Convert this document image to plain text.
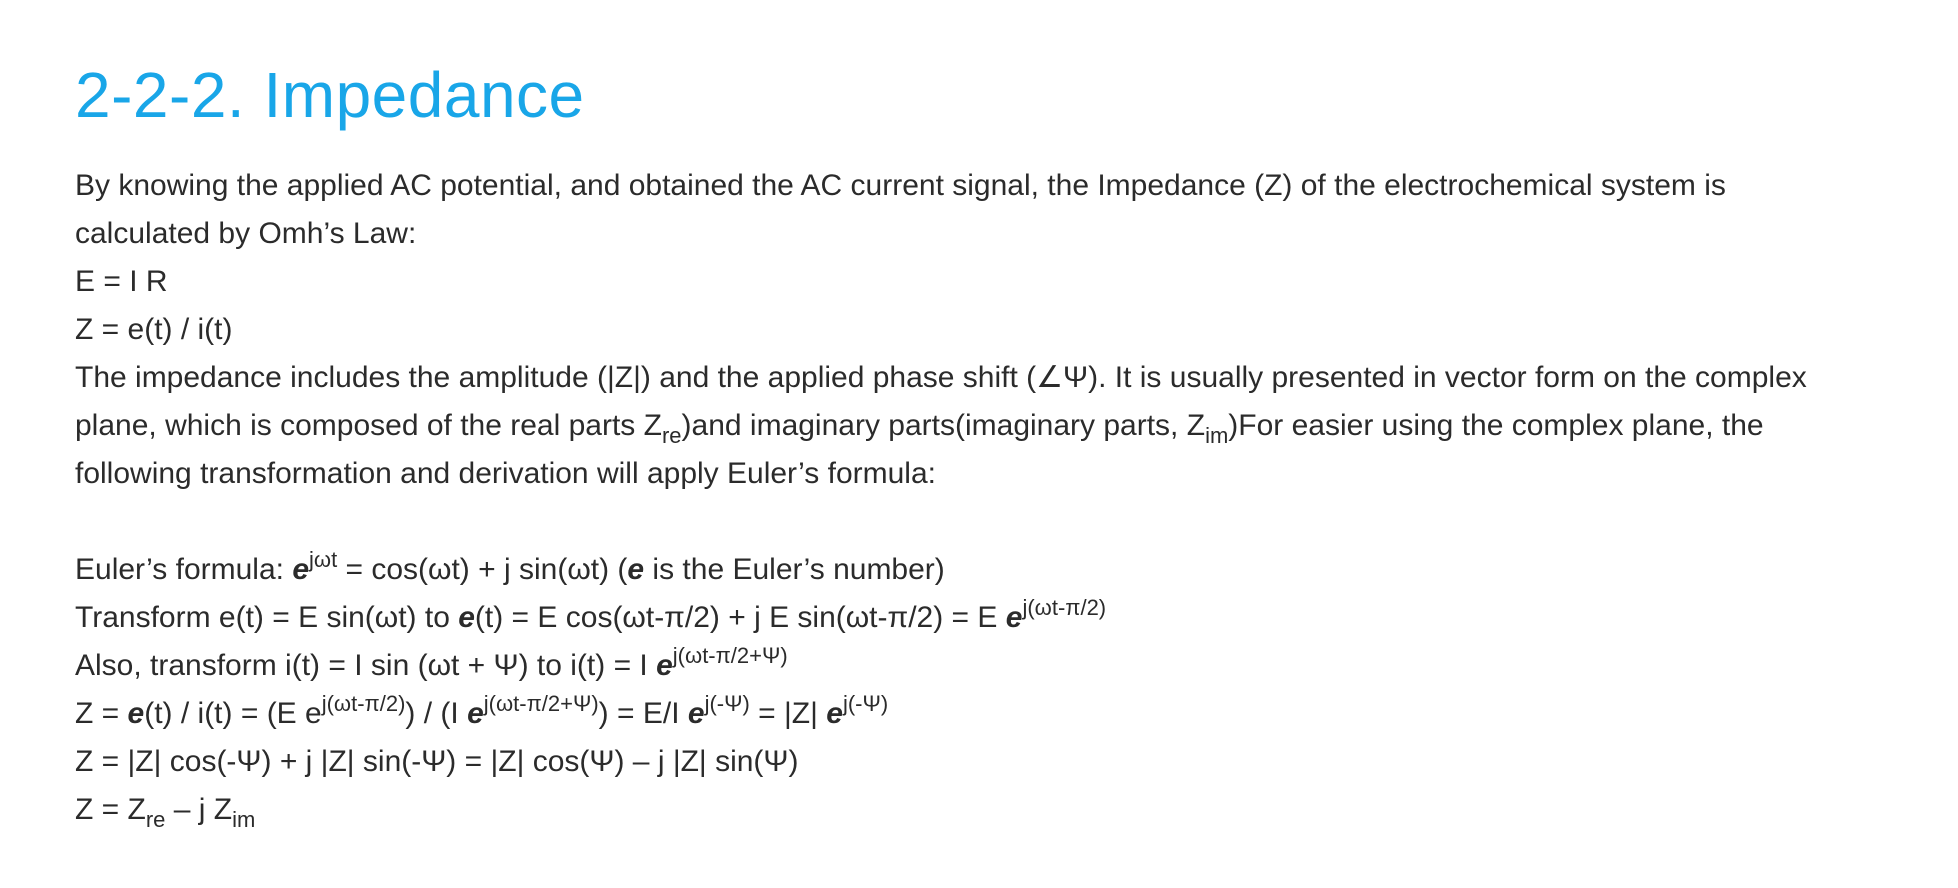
2-2-2. Impedance
By knowing the applied AC potential, and obtained the AC current signal, the Impedance (Z) of the electrochemical system is
calculated by Omh’s Law:
E = I R
Z = e(t) / i(t)
The impedance includes the amplitude (|Z|) and the applied phase shift (∠Ψ). It is usually presented in vector form on the complex
plane, which is composed of the real parts $Z_{re})and$ imaginary parts(imaginary parts, $Z_{im})For$ easier using the complex plane, the
following transformation and derivation will apply Euler’s formula:
Euler’s formula: $e^{j\omega t} = \cos(\omega t) + j$ sin(ωt) (e is the Euler’s number)
Transform e(t) = E sin(ωt) to e(t) = E cos(ωt-π/2) + j E sin(ωt-π/2) = E $e^{j(\omega t-\pi/2)}$
Also, transform i(t) = I sin (ωt + Ψ) to i(t) = I $e^{j(\omega t-\pi/2+\Psi)}$
Z = e(t) / i(t) = (E $e^{j(\omega t-\pi/2)}) / (I$ $e^{j(\omega t-\pi/2+\Psi)}) = E/I$ $e^{j(-\Psi)} = |Z|$ $e^{j(-\Psi)}$
Z = |Z| cos(-Ψ) + j |Z| sin(-Ψ) = |Z| cos(Ψ) – j |Z| sin(Ψ)
$Z = Z_{re} - j$ $Z_{im}$
